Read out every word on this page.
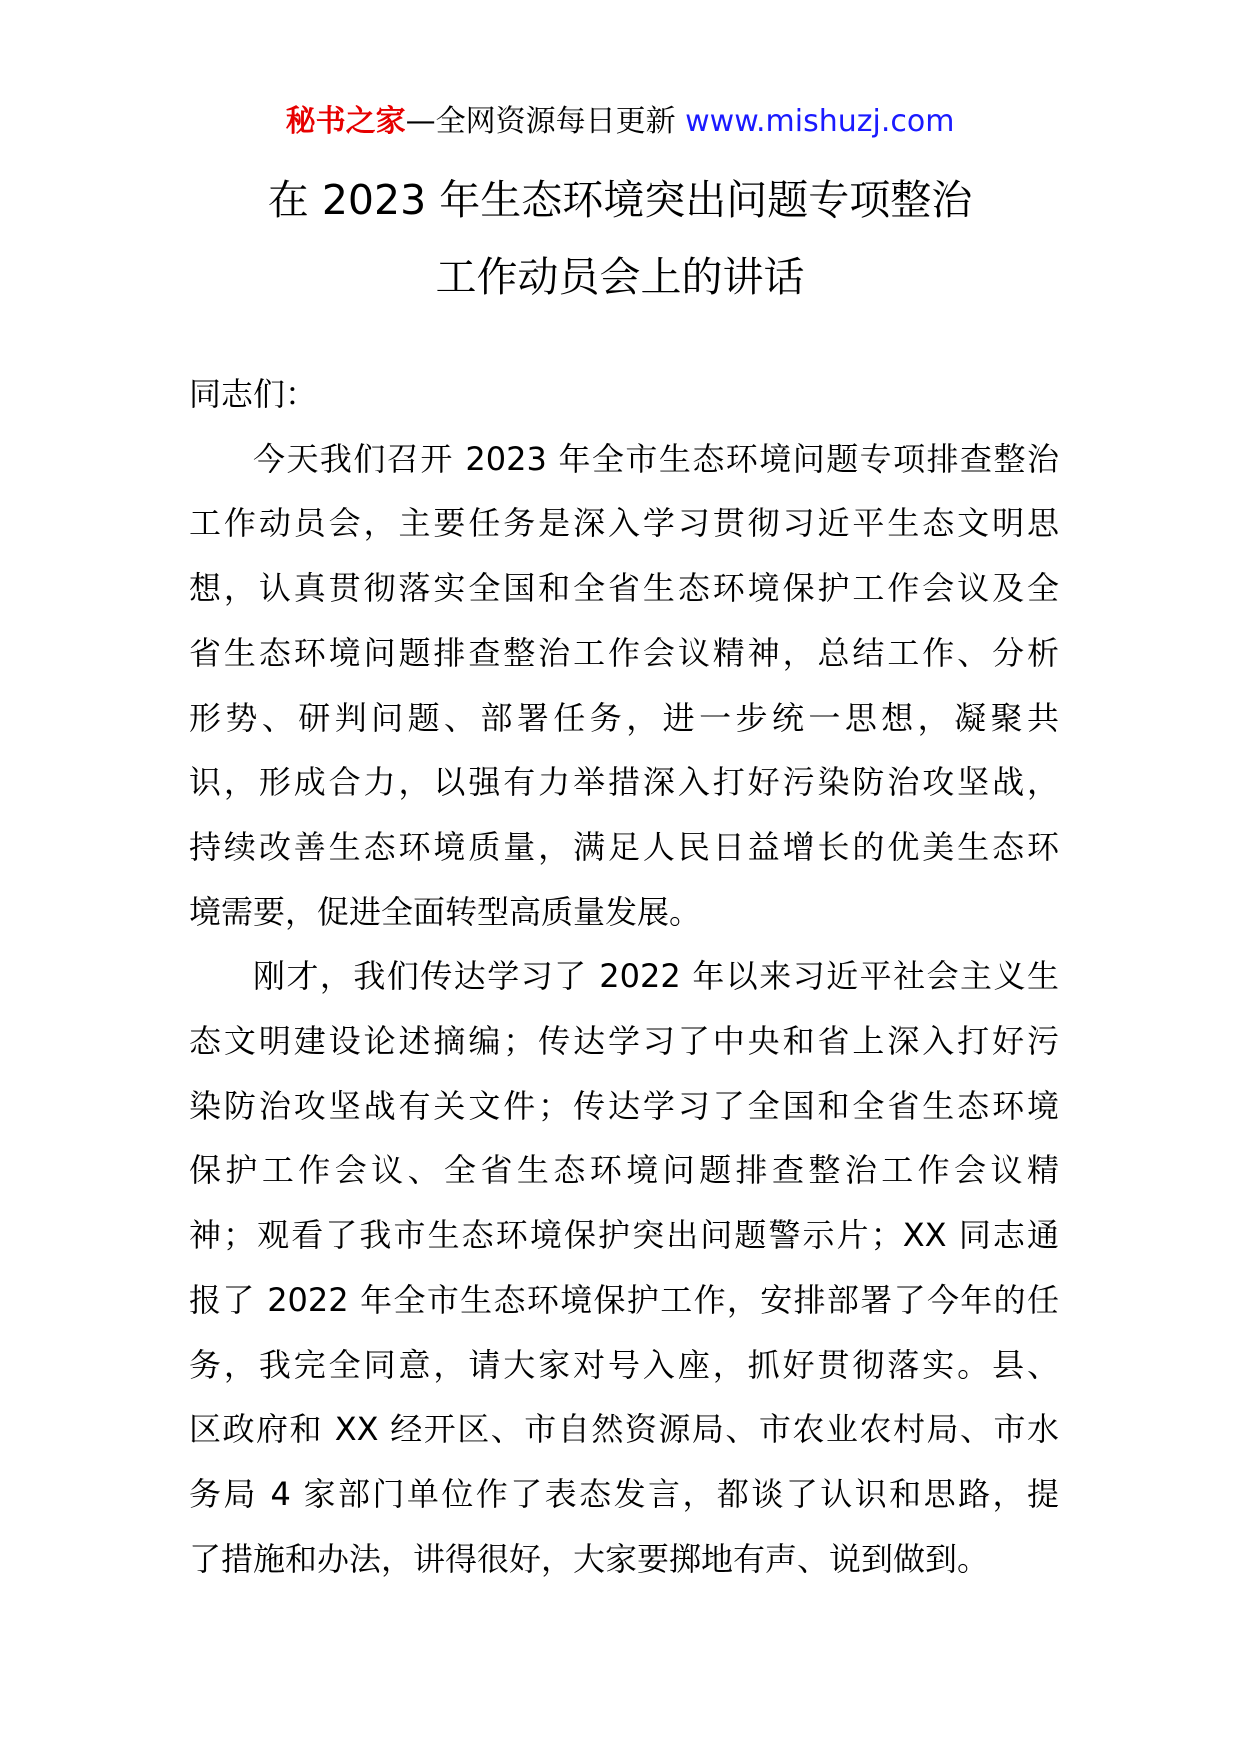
秘书之家—全网资源每日更新 www.mishuzj.com
在 2023 年生态环境突出问题专项整治
工作动员会上的讲话

同志们：

今天我们召开 2023 年全市生态环境问题专项排查整治
工作动员会，主要任务是深入学习贯彻习近平生态文明思
想，认真贯彻落实全国和全省生态环境保护工作会议及全
省生态环境问题排查整治工作会议精神，总结工作、分析
形势、研判问题、部署任务，进一步统一思想，凝聚共
识，形成合力，以强有力举措深入打好污染防治攻坚战，
持续改善生态环境质量，满足人民日益增长的优美生态环
境需要，促进全面转型高质量发展。

刚才，我们传达学习了 2022 年以来习近平社会主义生
态文明建设论述摘编；传达学习了中央和省上深入打好污
染防治攻坚战有关文件；传达学习了全国和全省生态环境
保护工作会议、全省生态环境问题排查整治工作会议精
神；观看了我市生态环境保护突出问题警示片；XX 同志通
报了 2022 年全市生态环境保护工作，安排部署了今年的任
务，我完全同意，请大家对号入座，抓好贯彻落实。县、
区政府和 XX 经开区、市自然资源局、市农业农村局、市水
务局 4 家部门单位作了表态发言，都谈了认识和思路，提
了措施和办法，讲得很好，大家要掷地有声、说到做到。
